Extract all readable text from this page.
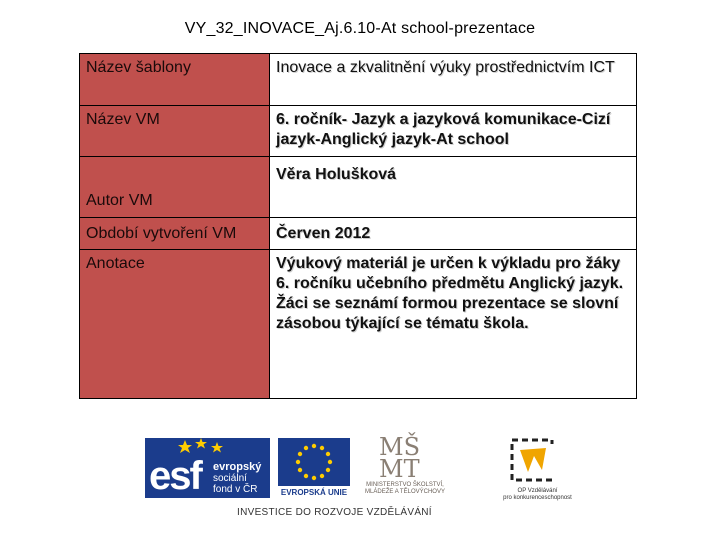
VY_32_INOVACE_Aj.6.10-At school-prezentace
Název šablony	Inovace a zkvalitnění výuky prostřednictvím ICT
Název VM	6. ročník- Jazyk a jazyková komunikace-Cizí jazyk-Anglický jazyk-At school
Autor VM	Věra Holušková
Období vytvoření VM	Červen 2012
Anotace	Výukový materiál je určen k výkladu pro žáky 6. ročníku učebního předmětu Anglický jazyk. Žáci se seznámí formou prezentace se slovní zásobou týkající se tématu škola.
esf evropský
sociální
fond v ČR	EVROPSKÁ UNIE
MŠ MT
MINISTERSTVO ŠKOLSTVÍ,
MLÁDEŽE A TĚLOVÝCHOVY	OP Vzdělávání
pro konkurenceschopnost
INVESTICE DO ROZVOJE VZDĚLÁVÁNÍ
